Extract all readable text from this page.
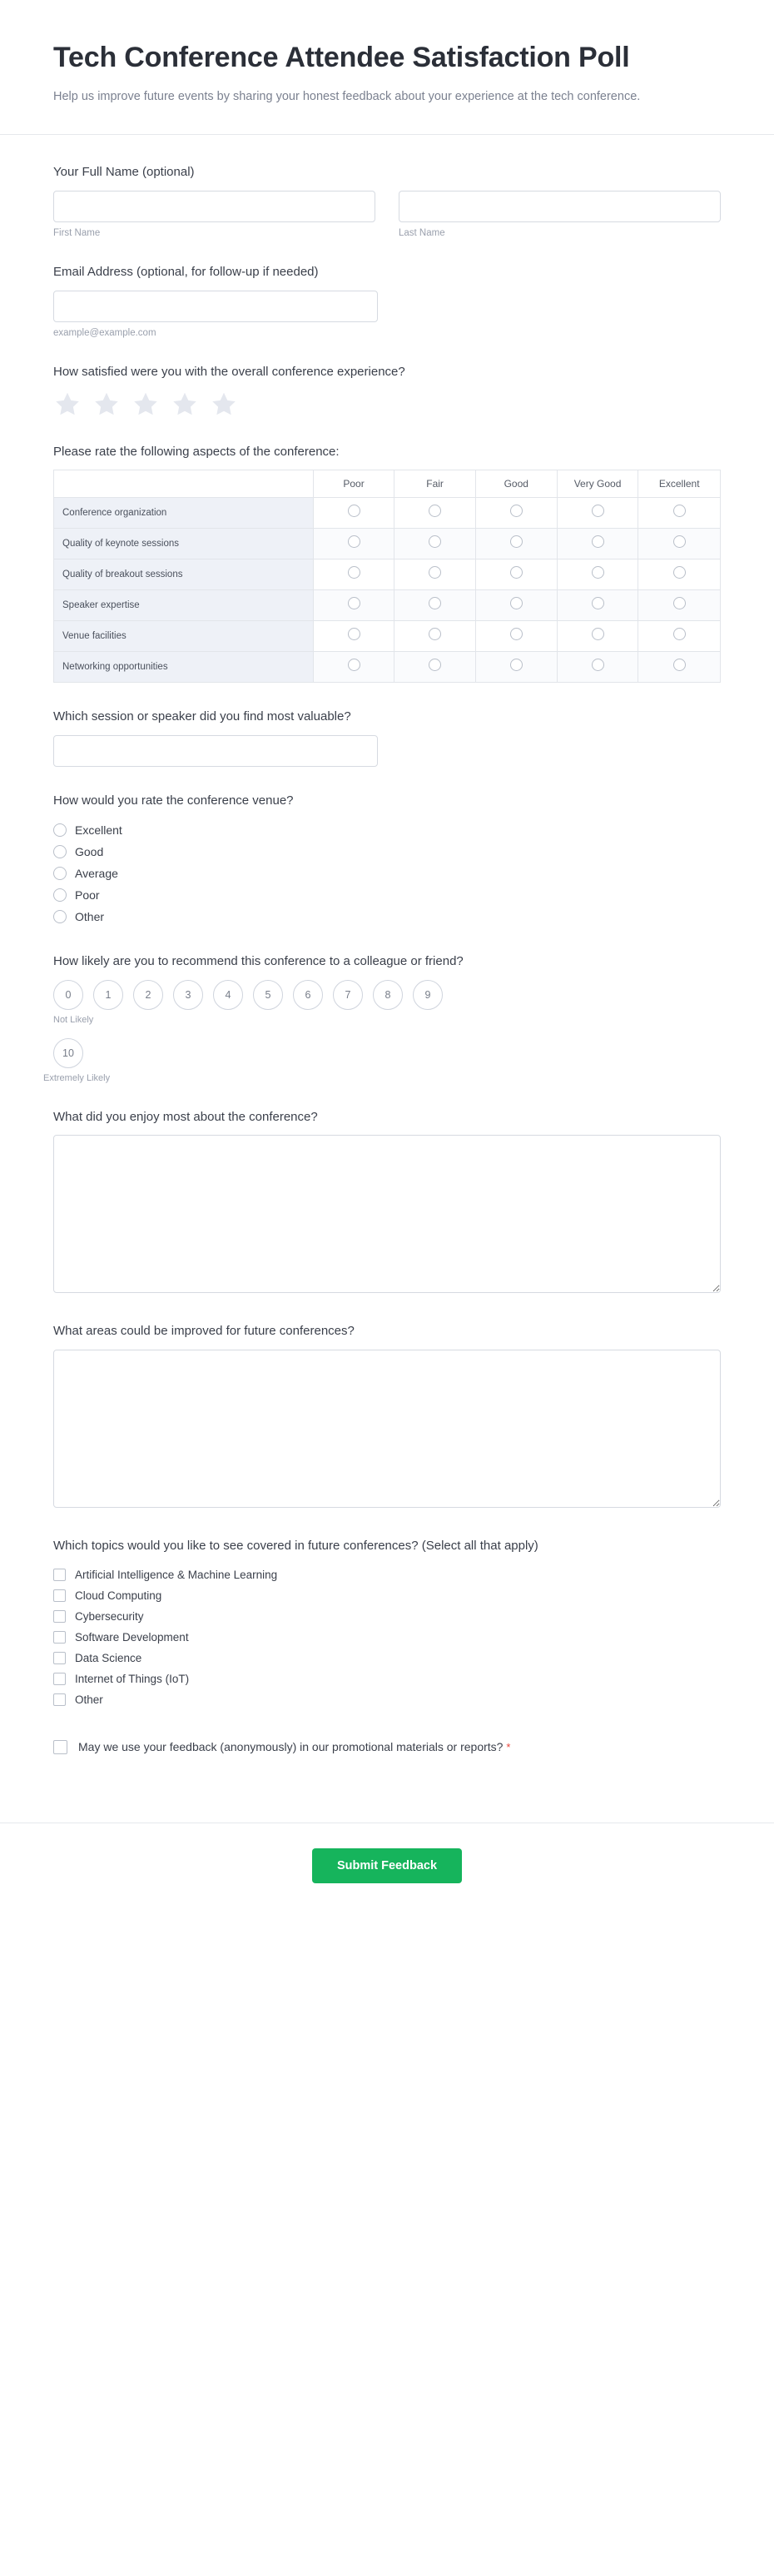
Tech Conference Attendee Satisfaction Poll

Help us improve future events by sharing your honest feedback about your experience at the tech conference.

Your Full Name (optional)
First Name	Last Name
Email Address (optional, for follow-up if needed)
example@example.com
How satisfied were you with the overall conference experience?
Please rate the following aspects of the conference:
	Poor	Fair	Good	Very Good	Excellent
Conference organization					
Quality of keynote sessions					
Quality of breakout sessions					
Speaker expertise					
Venue facilities					
Networking opportunities					
Which session or speaker did you find most valuable?
How would you rate the conference venue?
Excellent
Good
Average
Poor
Other
How likely are you to recommend this conference to a colleague or friend?
0	1	2	3	4	5	6	7	8	9
Not Likely
10
Extremely Likely
What did you enjoy most about the conference?
What areas could be improved for future conferences?
Which topics would you like to see covered in future conferences? (Select all that apply)
Artificial Intelligence & Machine Learning
Cloud Computing
Cybersecurity
Software Development
Data Science
Internet of Things (IoT)
Other
May we use your feedback (anonymously) in our promotional materials or reports? *
Submit Feedback
